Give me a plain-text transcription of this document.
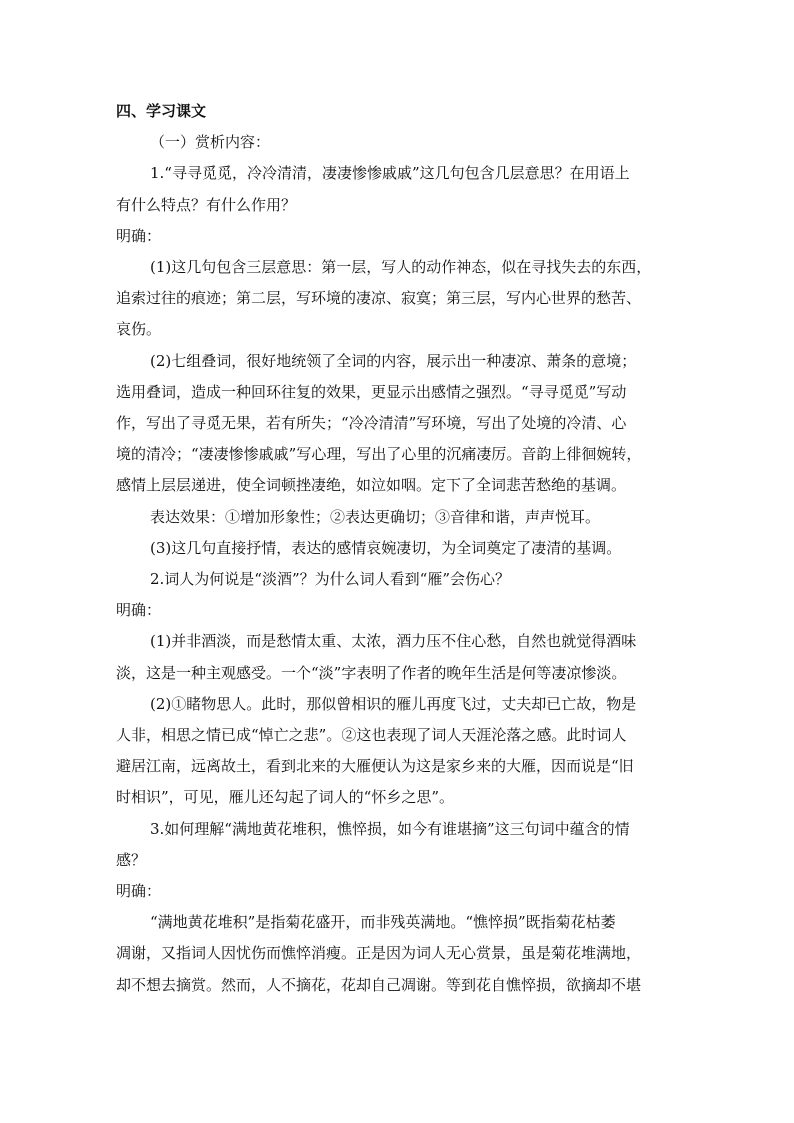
四、学习课文

（一）赏析内容：

1.“寻寻觅觅，冷冷清清，凄凄惨惨戚戚”这几句包含几层意思？在用语上

有什么特点？有什么作用？

明确：

(1)这几句包含三层意思：第一层，写人的动作神态，似在寻找失去的东西，

追索过往的痕迹；第二层，写环境的凄凉、寂寞；第三层，写内心世界的愁苦、

哀伤。

(2)七组叠词，很好地统领了全词的内容，展示出一种凄凉、萧条的意境；

选用叠词，造成一种回环往复的效果，更显示出感情之强烈。“寻寻觅觅”写动

作，写出了寻觅无果，若有所失；“冷冷清清”写环境，写出了处境的冷清、心

境的清冷；“凄凄惨惨戚戚”写心理，写出了心里的沉痛凄厉。音韵上徘徊婉转，

感情上层层递进，使全词顿挫凄绝，如泣如咽。定下了全词悲苦愁绝的基调。

表达效果：①增加形象性；②表达更确切；③音律和谐，声声悦耳。

(3)这几句直接抒情，表达的感情哀婉凄切，为全词奠定了凄清的基调。

2.词人为何说是“淡酒”？为什么词人看到“雁”会伤心？

明确：

(1)并非酒淡，而是愁情太重、太浓，酒力压不住心愁，自然也就觉得酒味

淡，这是一种主观感受。一个“淡”字表明了作者的晚年生活是何等凄凉惨淡。

(2)①睹物思人。此时，那似曾相识的雁儿再度飞过，丈夫却已亡故，物是

人非，相思之情已成“悼亡之悲”。②这也表现了词人天涯沦落之感。此时词人

避居江南，远离故土，看到北来的大雁便认为这是家乡来的大雁，因而说是“旧

时相识”，可见，雁儿还勾起了词人的“怀乡之思”。

3.如何理解“满地黄花堆积，憔悴损，如今有谁堪摘”这三句词中蕴含的情

感？

明确：

“满地黄花堆积”是指菊花盛开，而非残英满地。“憔悴损”既指菊花枯萎

凋谢，又指词人因忧伤而憔悴消瘦。正是因为词人无心赏景，虽是菊花堆满地，

却不想去摘赏。然而，人不摘花，花却自己凋谢。等到花自憔悴损，欲摘却不堪
